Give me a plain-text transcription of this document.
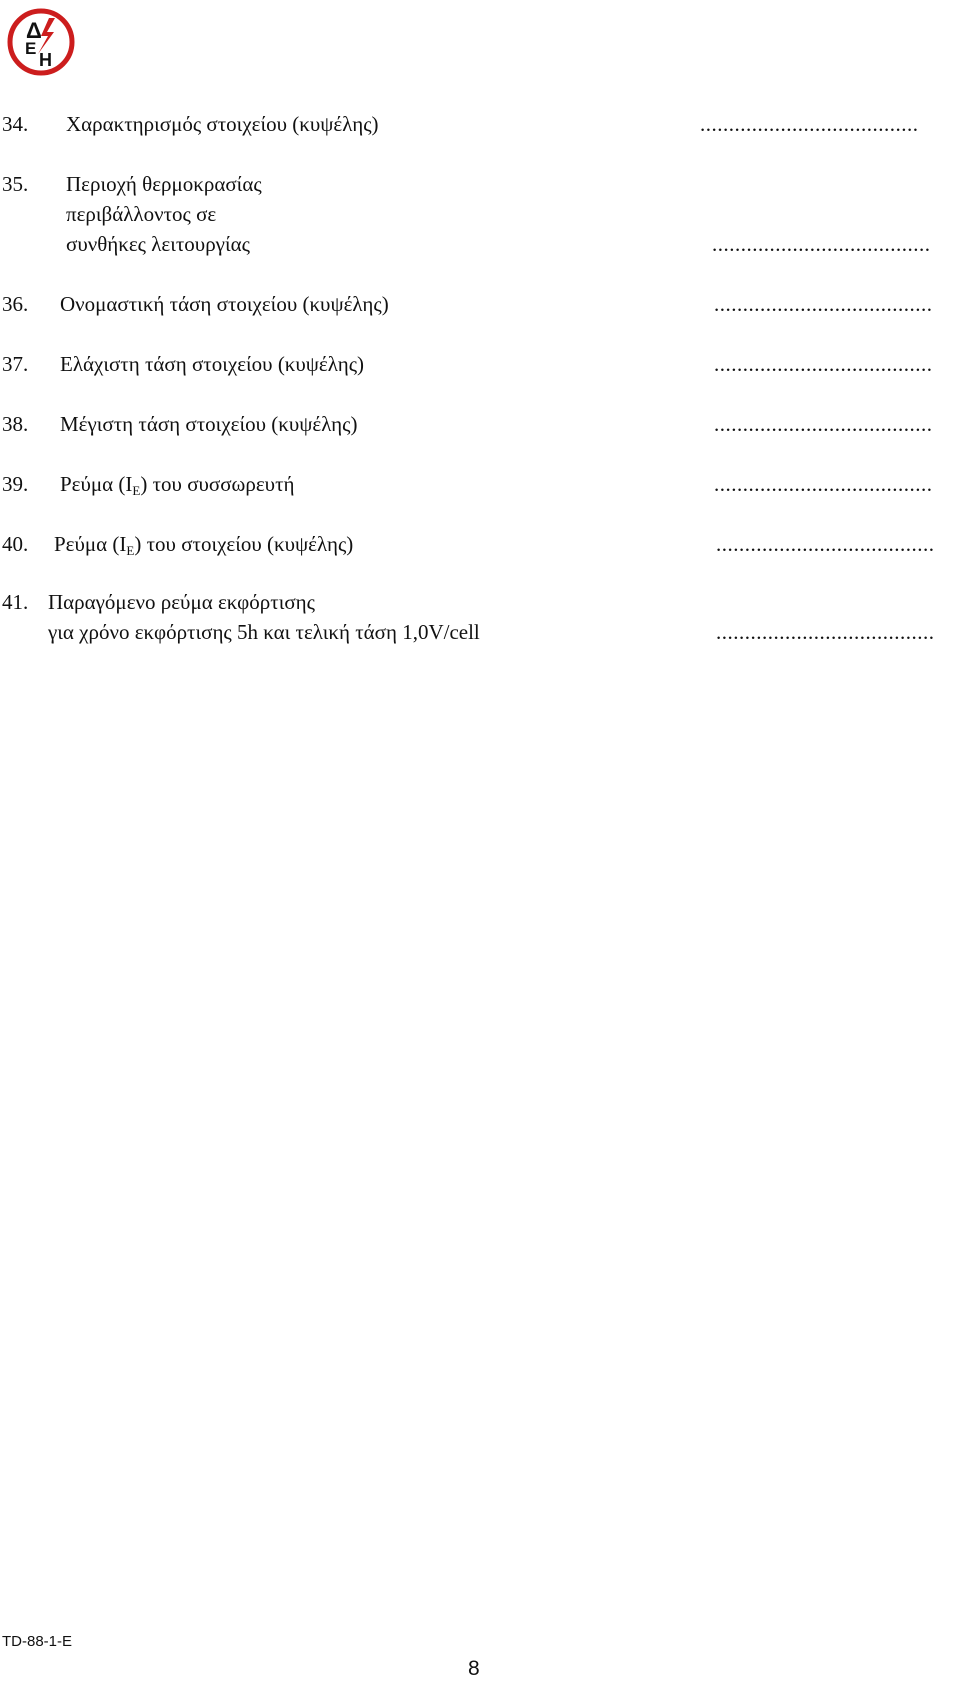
Δ
Ε
Η
34. Χαρακτηρισμός στοιχείου (κυψέλης)	......................................
35. Περιοχή θερμοκρασίας
περιβάλλοντος σε
συνθήκες λειτουργίας	......................................
36. Ονομαστική τάση στοιχείου (κυψέλης)	......................................
37. Ελάχιστη τάση στοιχείου (κυψέλης)	......................................
38. Μέγιστη τάση στοιχείου (κυψέλης)	......................................
39. Ρεύμα $(I_E)$ του συσσωρευτή	......................................
40. Ρεύμα $(I_E)$ του στοιχείου (κυψέλης)	......................................
41. Παραγόμενο ρεύμα εκφόρτισης
για χρόνο εκφόρτισης 5h και τελική τάση 1,0V/cell	......................................
TD-88-1-E
8
